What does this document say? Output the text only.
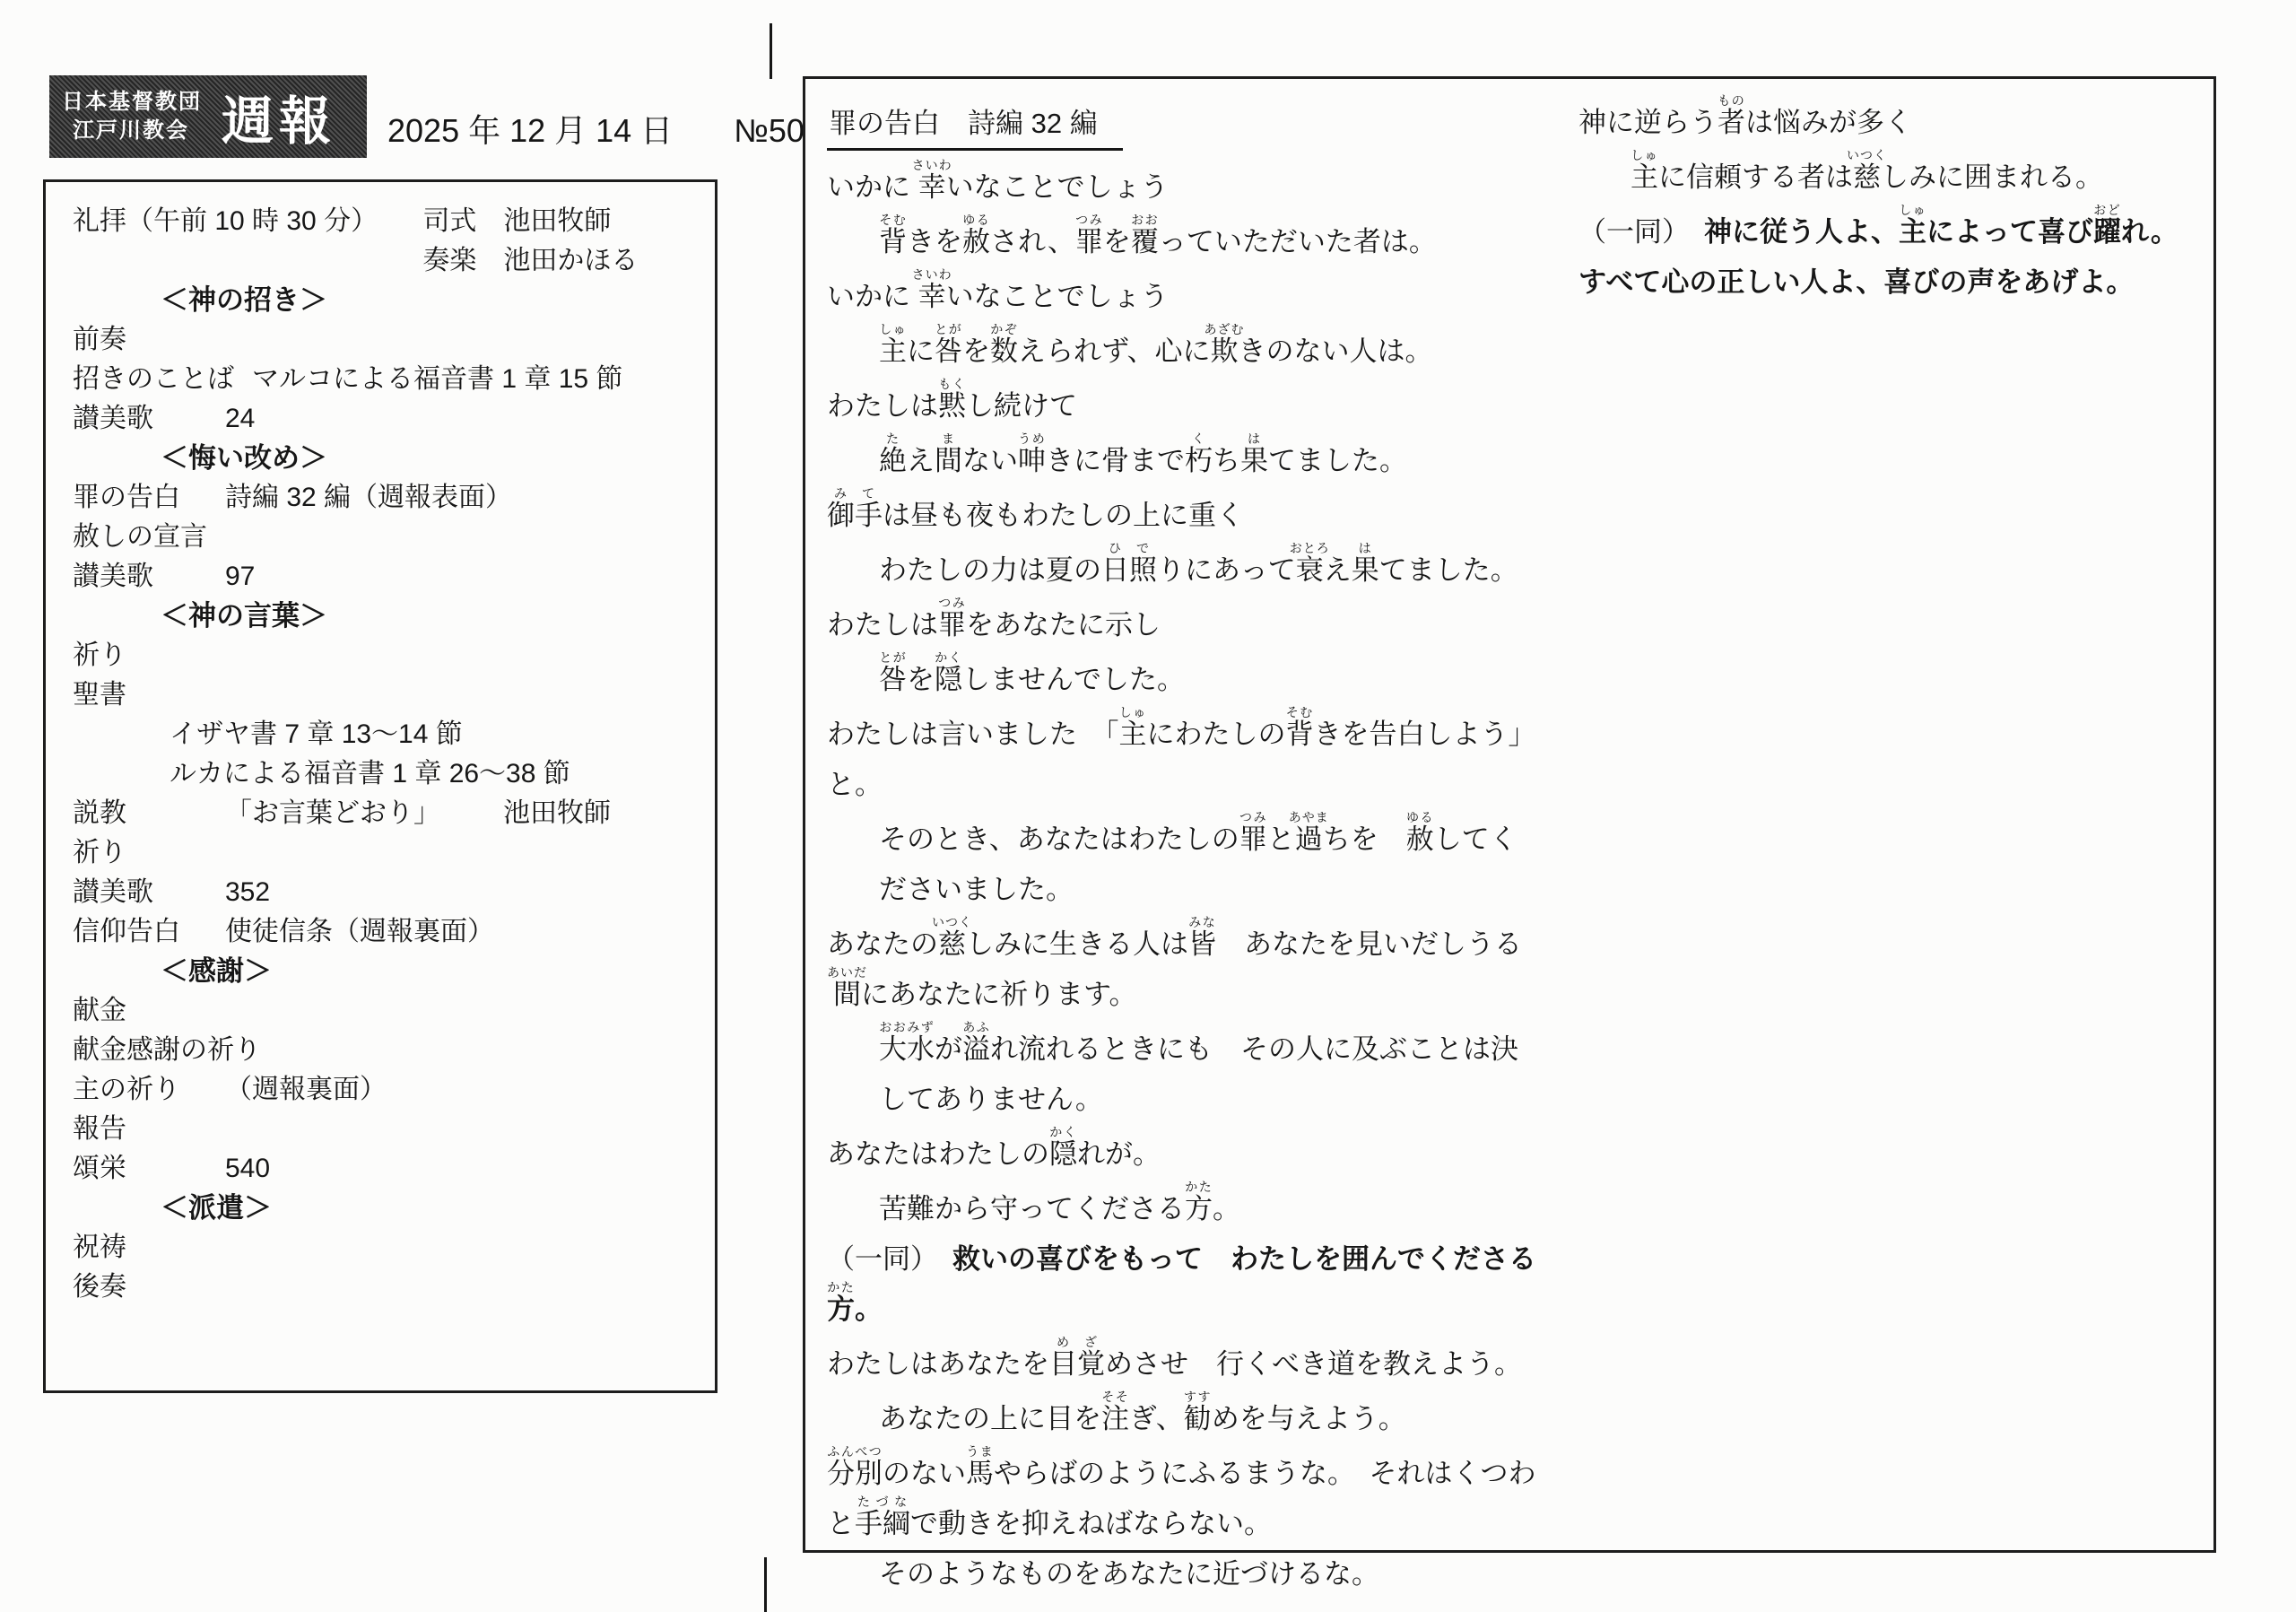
日本基督教団
江戸川教会 週報 2025 年 12 月 14 日 №50
礼拝（午前 10 時 30 分） 司式 池田牧師
奏楽 池田かほる
＜神の招き＞
前奏
招きのことば マルコによる福音書 1 章 15 節
讃美歌	24
＜悔い改め＞
罪の告白 詩編 32 編（週報表面）
赦しの宣言
讃美歌	97
＜神の言葉＞
祈り
聖書
イザヤ書 7 章 13～14 節
ルカによる福音書 1 章 26～38 節
説教	「お言葉どおり」 池田牧師
祈り
讃美歌	352
信仰告白 使徒信条（週報裏面）
＜感謝＞
献金
献金感謝の祈り
主の祈り （週報裏面）
報告
頌栄	540
＜派遣＞
祝祷
後奏
罪の告白　詩編 32 編

いかに 幸さいわいなことでしょう

背そむきを赦ゆるされ、罪つみを覆おおっていただいた者は。

いかに 幸さいわいなことでしょう

主しゅに咎とがを数かぞえられず、心に欺あざむきのない人は。

わたしは黙もくし続けて

絶たえ間まない呻うめきに骨まで朽くち果はてました。

御み手ては昼も夜もわたしの上に重く

わたしの力は夏の日ひ照でりにあって衰おとろえ果はてました。

わたしは罪つみをあなたに示し

咎とがを隠かくしませんでした。

わたしは言いました　「主しゅにわたしの背そむきを告白しよう」と。

そのとき、あなたはわたしの罪つみと過あやまちを　赦ゆるしてくださいました。

あなたの慈いつくしみに生きる人は皆みな　あなたを見いだしうる間あいだにあなたに祈ります。

大水おおみずが溢あふれ流れるときにも　その人に及ぶことは決してありません。

あなたはわたしの隠かくれが。

苦難から守ってくださる方かた。

（一同） 救いの喜びをもって　わたしを囲んでくださる方かた。

わたしはあなたを目め覚ざめさせ　行くべき道を教えよう。

あなたの上に目を注そそぎ、勧すすめを与えよう。

分別ふんべつのない馬うまやらばのようにふるまうな。　それはくつわと手綱たづなで動きを抑えねばならない。

そのようなものをあなたに近づけるな。

神に逆らう者ものは悩みが多く

主しゅに信頼する者は慈いつくしみに囲まれる。

（一同） 神に従う人よ、主しゅによって喜び躍おどれ。

すべて心の正しい人よ、喜びの声をあげよ。
